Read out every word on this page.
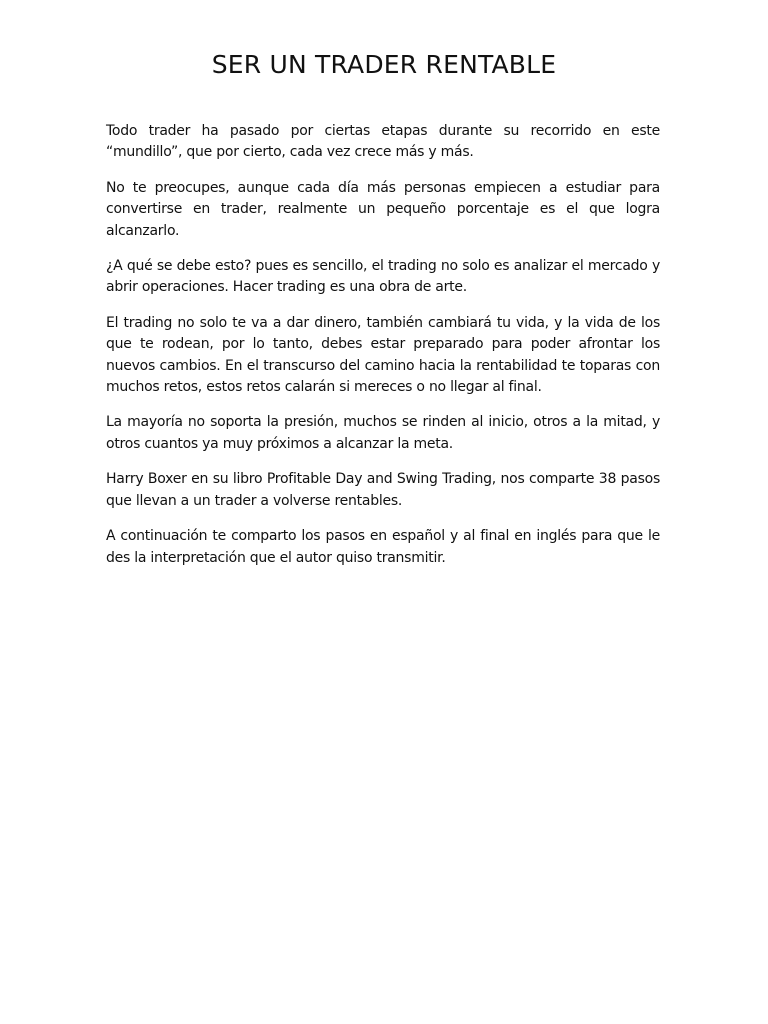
SER UN TRADER RENTABLE

Todo trader ha pasado por ciertas etapas durante su recorrido en este “mundillo”, que por cierto, cada vez crece más y más.

No te preocupes, aunque cada día más personas empiecen a estudiar para convertirse en trader, realmente un pequeño porcentaje es el que logra alcanzarlo.

¿A qué se debe esto? pues es sencillo, el trading no solo es analizar el mercado y abrir operaciones. Hacer trading es una obra de arte.

El trading no solo te va a dar dinero, también cambiará tu vida, y la vida de los que te rodean, por lo tanto, debes estar preparado para poder afrontar los nuevos cambios. En el transcurso del camino hacia la rentabilidad te toparas con muchos retos, estos retos calarán si mereces o no llegar al final.

La mayoría no soporta la presión, muchos se rinden al inicio, otros a la mitad, y otros cuantos ya muy próximos a alcanzar la meta.

Harry Boxer en su libro Profitable Day and Swing Trading, nos comparte 38 pasos que llevan a un trader a volverse rentables.

A continuación te comparto los pasos en español y al final en inglés para que le des la interpretación que el autor quiso transmitir.
